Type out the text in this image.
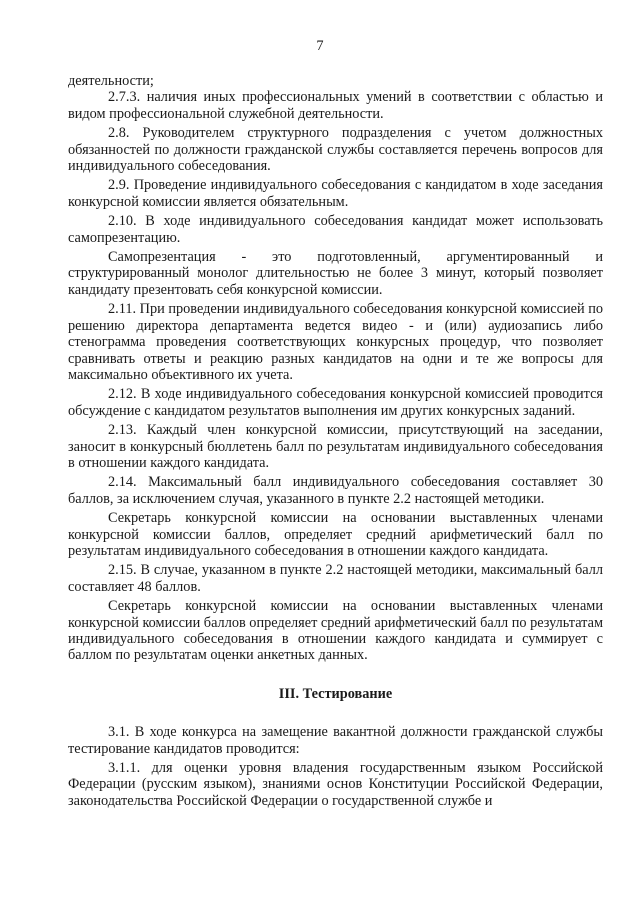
7

деятельности;

2.7.3. наличия иных профессиональных умений в соответствии с областью и видом профессиональной служебной деятельности.

2.8. Руководителем структурного подразделения с учетом должностных обязанностей по должности гражданской службы составляется перечень вопросов для индивидуального собеседования.

2.9. Проведение индивидуального собеседования с кандидатом в ходе заседания конкурсной комиссии является обязательным.

2.10. В ходе индивидуального собеседования кандидат может использовать самопрезентацию.

Самопрезентация - это подготовленный, аргументированный и структурированный монолог длительностью не более 3 минут, который позволяет кандидату презентовать себя конкурсной комиссии.

2.11. При проведении индивидуального собеседования конкурсной комиссией по решению директора департамента ведется видео - и (или) аудиозапись либо стенограмма проведения соответствующих конкурсных процедур, что позволяет сравнивать ответы и реакцию разных кандидатов на одни и те же вопросы для максимально объективного их учета.

2.12. В ходе индивидуального собеседования конкурсной комиссией проводится обсуждение с кандидатом результатов выполнения им других конкурсных заданий.

2.13. Каждый член конкурсной комиссии, присутствующий на заседании, заносит в конкурсный бюллетень балл по результатам индивидуального собеседования в отношении каждого кандидата.

2.14. Максимальный балл индивидуального собеседования составляет 30 баллов, за исключением случая, указанного в пункте 2.2 настоящей методики.

Секретарь конкурсной комиссии на основании выставленных членами конкурсной комиссии баллов, определяет средний арифметический балл по результатам индивидуального собеседования в отношении каждого кандидата.

2.15. В случае, указанном в пункте 2.2 настоящей методики, максимальный балл составляет 48 баллов.

Секретарь конкурсной комиссии на основании выставленных членами конкурсной комиссии баллов определяет средний арифметический балл по результатам индивидуального собеседования в отношении каждого кандидата и суммирует с баллом по результатам оценки анкетных данных.

III. Тестирование

3.1. В ходе конкурса на замещение вакантной должности гражданской службы тестирование кандидатов проводится:

3.1.1. для оценки уровня владения государственным языком Российской Федерации (русским языком), знаниями основ Конституции Российской Федерации, законодательства Российской Федерации о государственной службе и
